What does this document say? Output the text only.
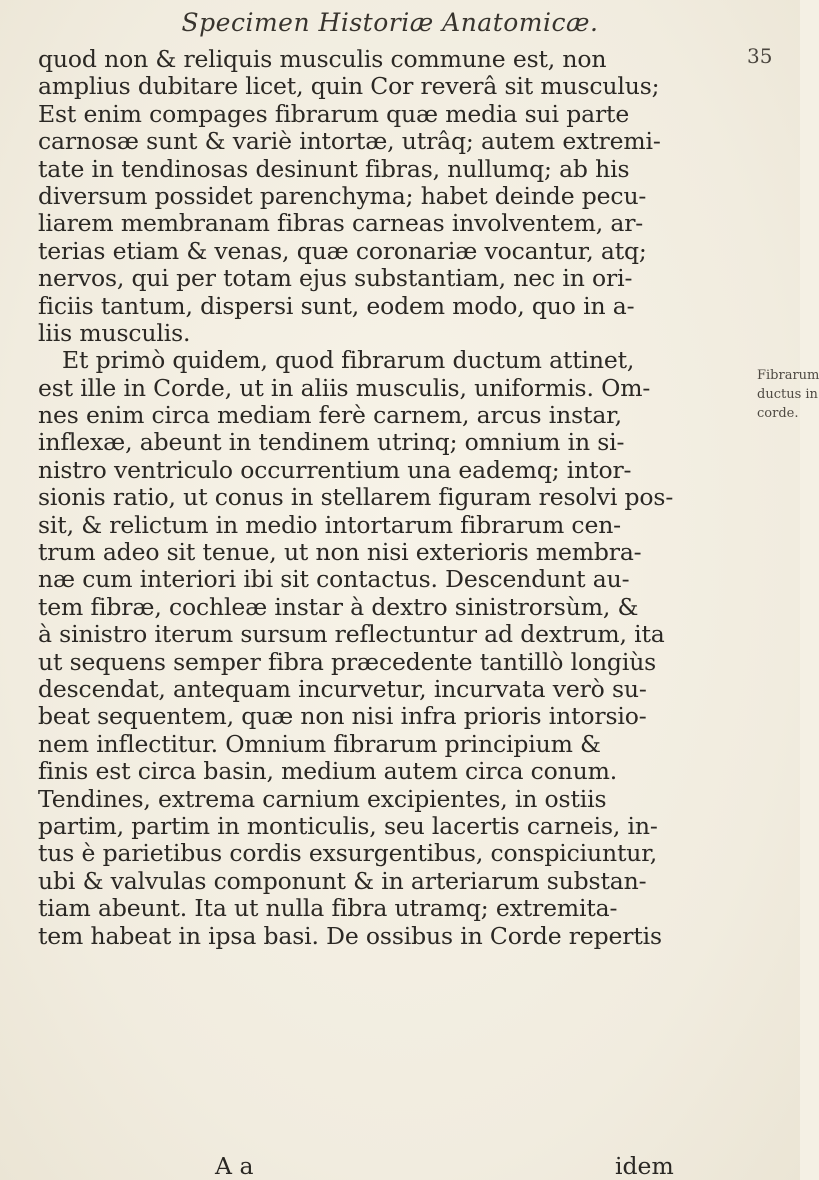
Specimen Historiæ Anatomicæ.
35
Fibrarum
ductus in
corde.
quod non & reliquis musculis commune est, non
amplius dubitare licet, quin Cor reverâ sit musculus;
Est enim compages fibrarum quæ media sui parte
carnosæ sunt & variè intortæ, utrâq; autem extremi-
tate in tendinosas desinunt fibras, nullumq; ab his
diversum possidet parenchyma; habet deinde pecu-
liarem membranam fibras carneas involventem, ar-
terias etiam & venas, quæ coronariæ vocantur, atq;
nervos, qui per totam ejus substantiam, nec in ori-
ficiis tantum, dispersi sunt, eodem modo, quo in a-
liis musculis.
Et primò quidem, quod fibrarum ductum attinet,
est ille in Corde, ut in aliis musculis, uniformis. Om-
nes enim circa mediam ferè carnem, arcus instar,
inflexæ, abeunt in tendinem utrinq; omnium in si-
nistro ventriculo occurrentium una eademq; intor-
sionis ratio, ut conus in stellarem figuram resolvi pos-
sit, & relictum in medio intortarum fibrarum cen-
trum adeo sit tenue, ut non nisi exterioris membra-
næ cum interiori ibi sit contactus. Descendunt au-
tem fibræ, cochleæ instar à dextro sinistrorsùm, &
à sinistro iterum sursum reflectuntur ad dextrum, ita
ut sequens semper fibra præcedente tantillò longiùs
descendat, antequam incurvetur, incurvata verò su-
beat sequentem, quæ non nisi infra prioris intorsio-
nem inflectitur. Omnium fibrarum principium &
finis est circa basin, medium autem circa conum.
Tendines, extrema carnium excipientes, in ostiis
partim, partim in monticulis, seu lacertis carneis, in-
tus è parietibus cordis exsurgentibus, conspiciuntur,
ubi & valvulas componunt & in arteriarum substan-
tiam abeunt. Ita ut nulla fibra utramq; extremita-
tem habeat in ipsa basi. De ossibus in Corde repertis
A a	idem
